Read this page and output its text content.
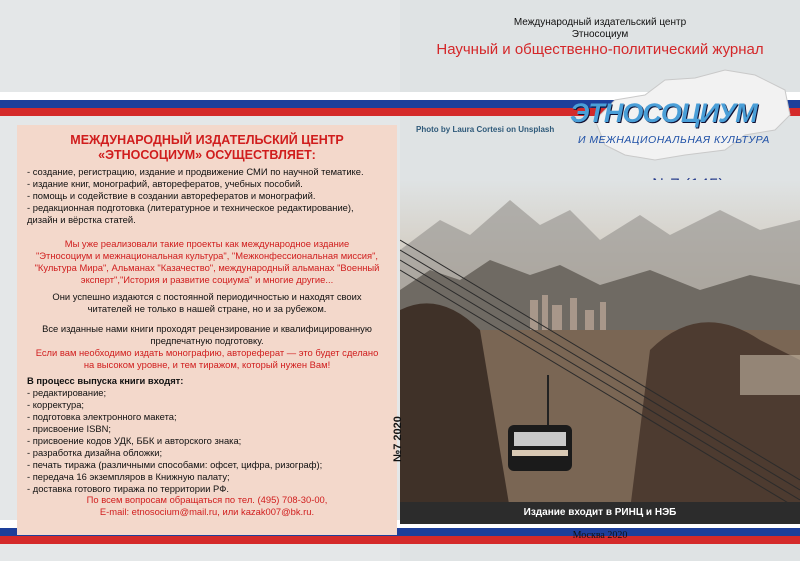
МЕЖДУНАРОДНЫЙ ИЗДАТЕЛЬСКИЙ ЦЕНТР
«ЭТНОСОЦИУМ» ОСУЩЕСТВЛЯЕТ:
- создание, регистрацию, издание и продвижение СМИ по научной тематике.
- издание книг, монографий, авторефератов, учебных пособий.
- помощь и содействие в создании авторефератов и монографий.
- редакционная подготовка (литературное и техническое редактирование),
дизайн и вёрстка статей.
Мы уже реализовали такие проекты как международное издание
"Этносоциум и межнациональная культура", "Межконфессиональная миссия",
"Культура Мира", Альманах "Казачество", международный альманах "Военный
эксперт","История и развитие социума" и многие другие...
Они успешно издаются с постоянной периодичностью и находят своих
читателей не только в нашей стране, но и за рубежом.
Все изданные нами книги проходят рецензирование и квалифицированную
предпечатную подготовку.
Если вам необходимо издать монографию, автореферат — это будет сделано
на высоком уровне, и тем тиражом, который нужен Вам!
В процесс выпуска книги входят:
- редактирование;
- корректура;
- подготовка электронного макета;
- присвоение ISBN;
- присвоение кодов УДК, ББК и авторского знака;
- разработка дизайна обложки;
- печать тиража (различными способами: офсет, цифра, ризограф);
- передача 16 экземпляров в Книжную палату;
- доставка готового тиража по территории РФ.
По всем вопросам обращаться по тел. (495) 708-30-00,
E-mail: etnosocium@mail.ru, или kazak007@bk.ru.
Международный издательский центр
Этносоциум
Научный и общественно-политический журнал
ЭТНОСОЦИУМ
И МЕЖНАЦИОНАЛЬНАЯ КУЛЬТУРА
Photo by Laura Cortesi on Unsplash
№7 2020
Издание входит в РИНЦ и НЭБ
Москва 2020
